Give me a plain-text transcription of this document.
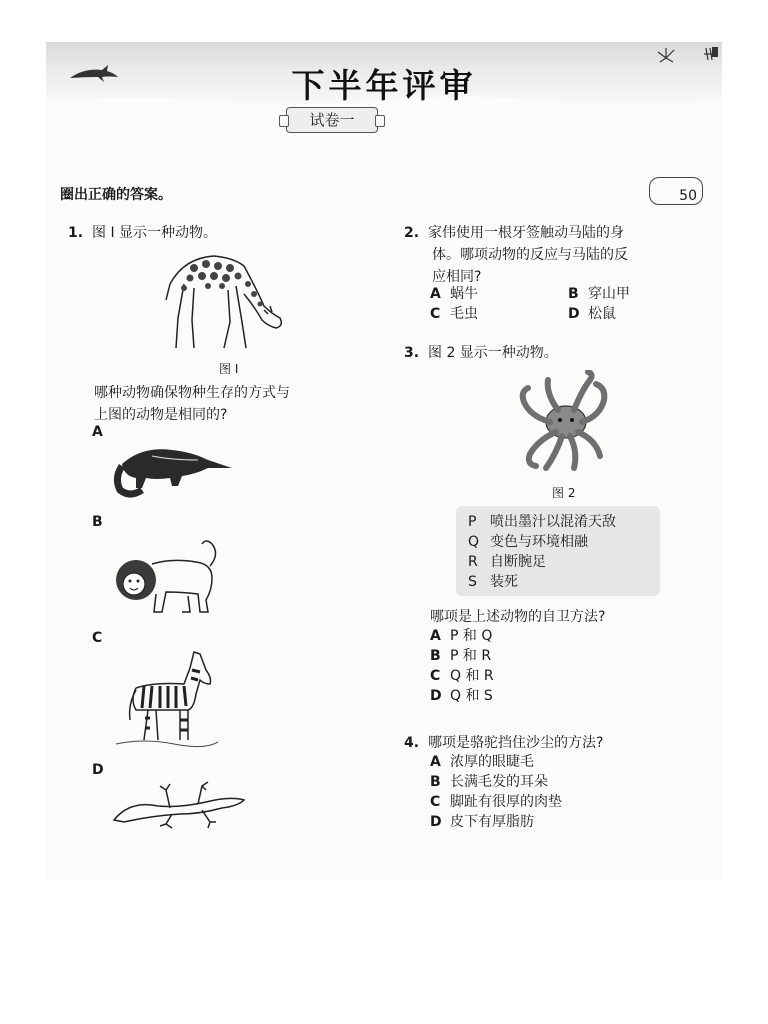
下半年评审
试卷一
圈出正确的答案。	50
1. 图 I 显示一种动物。
图 I
哪种动物确保物种生存的方式与
上图的动物是相同的?
A
B
C
D
2. 家伟使用一根牙签触动马陆的身
体。哪项动物的反应与马陆的反
应相同?
A 蜗牛	B 穿山甲
C 毛虫	D 松鼠
3. 图 2 显示一种动物。
图 2
P 喷出墨汁以混淆天敌
Q 变色与环境相融
R 自断腕足
S 装死
哪项是上述动物的自卫方法?
A P 和 Q
B P 和 R
C Q 和 R
D Q 和 S
4. 哪项是骆驼挡住沙尘的方法?
A 浓厚的眼睫毛
B 长满毛发的耳朵
C 脚趾有很厚的肉垫
D 皮下有厚脂肪
